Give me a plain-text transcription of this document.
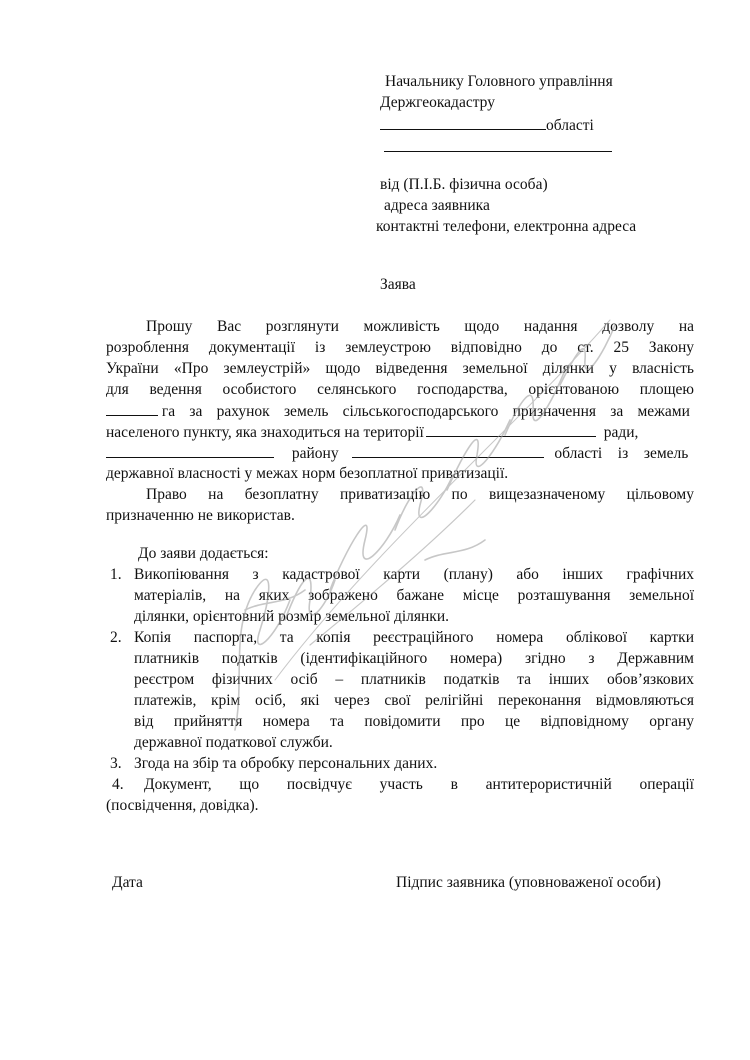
Начальнику Головного управління
Держгеокадастру
області
від (П.І.Б. фізична особа)
адреса заявника
контактні телефони, електронна адреса
Заява
Прошу Вас розглянути можливість щодо надання дозволу на
розроблення документації із землеустрою відповідно до ст. 25 Закону
України «Про землеустрій» щодо відведення земельної ділянки у власність
для ведення особистого селянського господарства, орієнтованою площею
га за рахунок земель сільськогосподарського призначення за межами
населеного пункту, яка знаходиться на території	ради,
району	області із земель
державної власності у межах норм безоплатної приватизації.
Право на безоплатну приватизацію по вищезазначеному цільовому
призначенню не використав.
До заяви додається:
1. Викопіювання з кадастрової карти (плану) або інших графічних
матеріалів, на яких зображено бажане місце розташування земельної
ділянки, орієнтовний розмір земельної ділянки.
2. Копія паспорта, та копія реєстраційного номера облікової картки
платників податків (ідентифікаційного номера) згідно з Державним
реєстром фізичних осіб – платників податків та інших обов’язкових
платежів, крім осіб, які через свої релігійні переконання відмовляються
від прийняття номера та повідомити про це відповідному органу
державної податкової служби.
3. Згода на збір та обробку персональних даних.
4. Документ, що посвідчує участь в антитерористичній операції
(посвідчення, довідка).
Дата	Підпис заявника (уповноваженої особи)
